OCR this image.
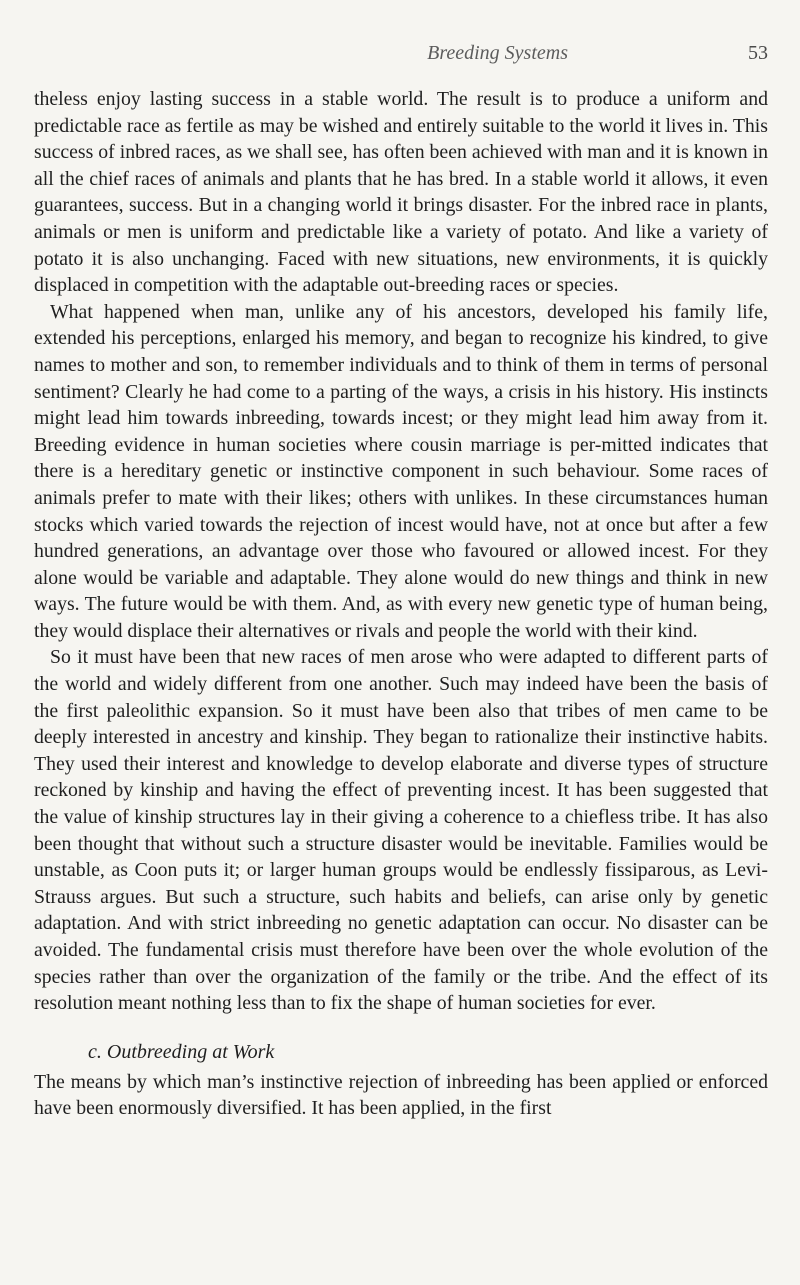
Breeding Systems	53

theless enjoy lasting success in a stable world. The result is to produce a uniform and predictable race as fertile as may be wished and entirely suitable to the world it lives in. This success of inbred races, as we shall see, has often been achieved with man and it is known in all the chief races of animals and plants that he has bred. In a stable world it allows, it even guarantees, success. But in a changing world it brings disaster. For the inbred race in plants, animals or men is uniform and predictable like a variety of potato. And like a variety of potato it is also unchanging. Faced with new situations, new environments, it is quickly displaced in competition with the adaptable out-breeding races or species.

What happened when man, unlike any of his ancestors, developed his family life, extended his perceptions, enlarged his memory, and began to recognize his kindred, to give names to mother and son, to remember individuals and to think of them in terms of personal sentiment? Clearly he had come to a parting of the ways, a crisis in his history. His instincts might lead him towards inbreeding, towards incest; or they might lead him away from it. Breeding evidence in human societies where cousin marriage is per-mitted indicates that there is a hereditary genetic or instinctive component in such behaviour. Some races of animals prefer to mate with their likes; others with unlikes. In these circumstances human stocks which varied towards the rejection of incest would have, not at once but after a few hundred generations, an advantage over those who favoured or allowed incest. For they alone would be variable and adaptable. They alone would do new things and think in new ways. The future would be with them. And, as with every new genetic type of human being, they would displace their alternatives or rivals and people the world with their kind.

So it must have been that new races of men arose who were adapted to different parts of the world and widely different from one another. Such may indeed have been the basis of the first paleolithic expansion. So it must have been also that tribes of men came to be deeply interested in ancestry and kinship. They began to rationalize their instinctive habits. They used their interest and knowledge to develop elaborate and diverse types of structure reckoned by kinship and having the effect of preventing incest. It has been suggested that the value of kinship structures lay in their giving a coherence to a chiefless tribe. It has also been thought that without such a structure disaster would be inevitable. Families would be unstable, as Coon puts it; or larger human groups would be endlessly fissiparous, as Levi-Strauss argues. But such a structure, such habits and beliefs, can arise only by genetic adaptation. And with strict inbreeding no genetic adaptation can occur. No disaster can be avoided. The fundamental crisis must therefore have been over the whole evolution of the species rather than over the organization of the family or the tribe. And the effect of its resolution meant nothing less than to fix the shape of human societies for ever.

c. Outbreeding at Work

The means by which man’s instinctive rejection of inbreeding has been applied or enforced have been enormously diversified. It has been applied, in the first
